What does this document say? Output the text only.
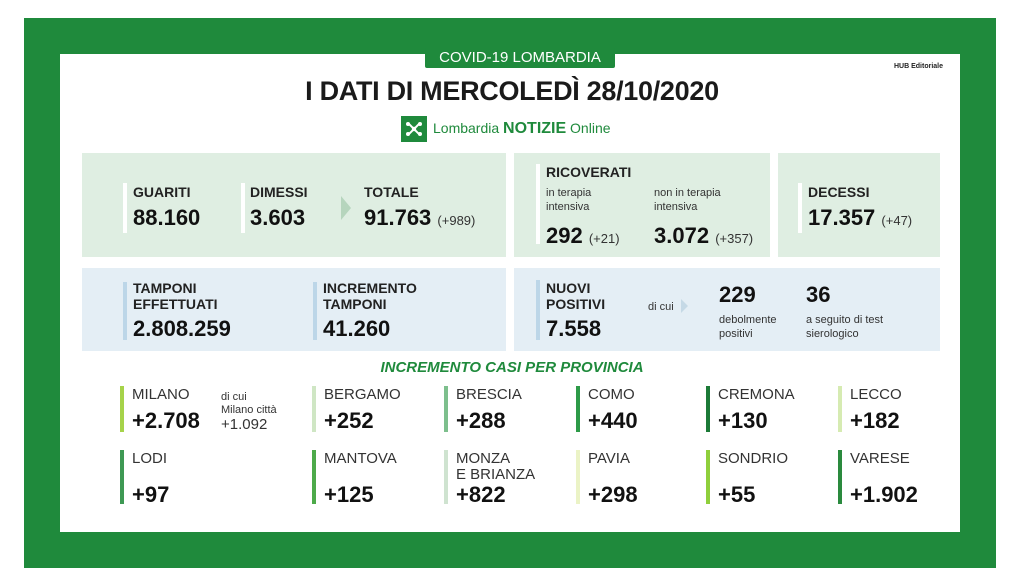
COVID-19 LOMBARDIA
HUB Editoriale
I DATI DI MERCOLEDÌ 28/10/2020
Lombardia NOTIZIE Online
GUARITI
88.160
DIMESSI
3.603
TOTALE
91.763 (+989)
RICOVERATI
in terapia
intensiva
292 (+21)
non in terapia
intensiva
3.072 (+357)
DECESSI
17.357 (+47)
TAMPONI
EFFETTUATI
2.808.259
INCREMENTO
TAMPONI
41.260
NUOVI
POSITIVI
7.558
di cui 229
debolmente
positivi
36
a seguito di test
sierologico
INCREMENTO CASI PER PROVINCIA
MILANO
+2.708
di cui
Milano città
+1.092
BERGAMO
+252
BRESCIA
+288
COMO
+440
CREMONA
+130
LECCO
+182
LODI
+97
MANTOVA
+125
MONZA
E BRIANZA
+822
PAVIA
+298
SONDRIO
+55
VARESE
+1.902
